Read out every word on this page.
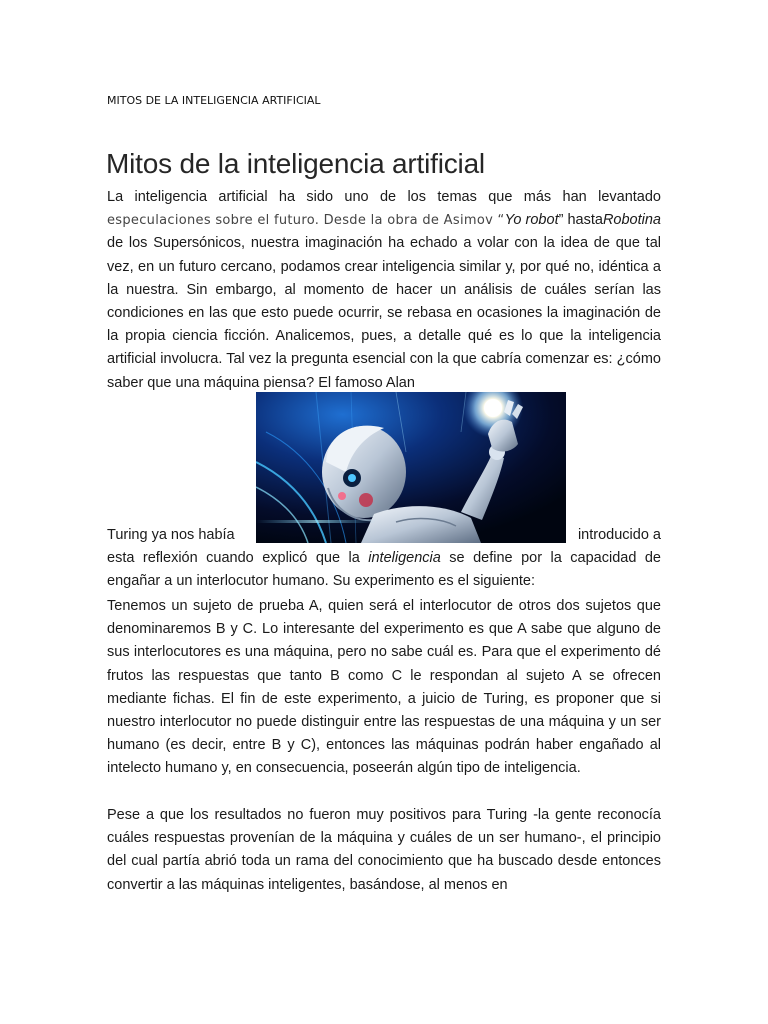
MITOS DE LA INTELIGENCIA ARTIFICIAL
Mitos de la inteligencia artificial

La inteligencia artificial ha sido uno de los temas que más han levantado especulaciones sobre el futuro. Desde la obra de Asimov “Yo robot” hastaRobotina de los Supersónicos, nuestra imaginación ha echado a volar con la idea de que tal vez, en un futuro cercano, podamos crear inteligencia similar y, por qué no, idéntica a la nuestra. Sin embargo, al momento de hacer un análisis de cuáles serían las condiciones en las que esto puede ocurrir, se rebasa en ocasiones la imaginación de la propia ciencia ficción. Analicemos, pues, a detalle qué es lo que la inteligencia artificial involucra. Tal vez la pregunta esencial con la que cabría comenzar es: ¿cómo saber que una máquina piensa? El famoso Alan

Turing ya nos había	introducido a
esta reflexión cuando explicó que la inteligencia se define por la capacidad de engañar a un interlocutor humano. Su experimento es el siguiente:

Tenemos un sujeto de prueba A, quien será el interlocutor de otros dos sujetos que denominaremos B y C. Lo interesante del experimento es que A sabe que alguno de sus interlocutores es una máquina, pero no sabe cuál es. Para que el experimento dé frutos las respuestas que tanto B como C le respondan al sujeto A se ofrecen mediante fichas. El fin de este experimento, a juicio de Turing, es proponer que si nuestro interlocutor no puede distinguir entre las respuestas de una máquina y un ser humano (es decir, entre B y C), entonces las máquinas podrán haber engañado al intelecto humano y, en consecuencia, poseerán algún tipo de inteligencia.

Pese a que los resultados no fueron muy positivos para Turing -la gente reconocía cuáles respuestas provenían de la máquina y cuáles de un ser humano-, el principio del cual partía abrió toda un rama del conocimiento que ha buscado desde entonces convertir a las máquinas inteligentes, basándose, al menos en
